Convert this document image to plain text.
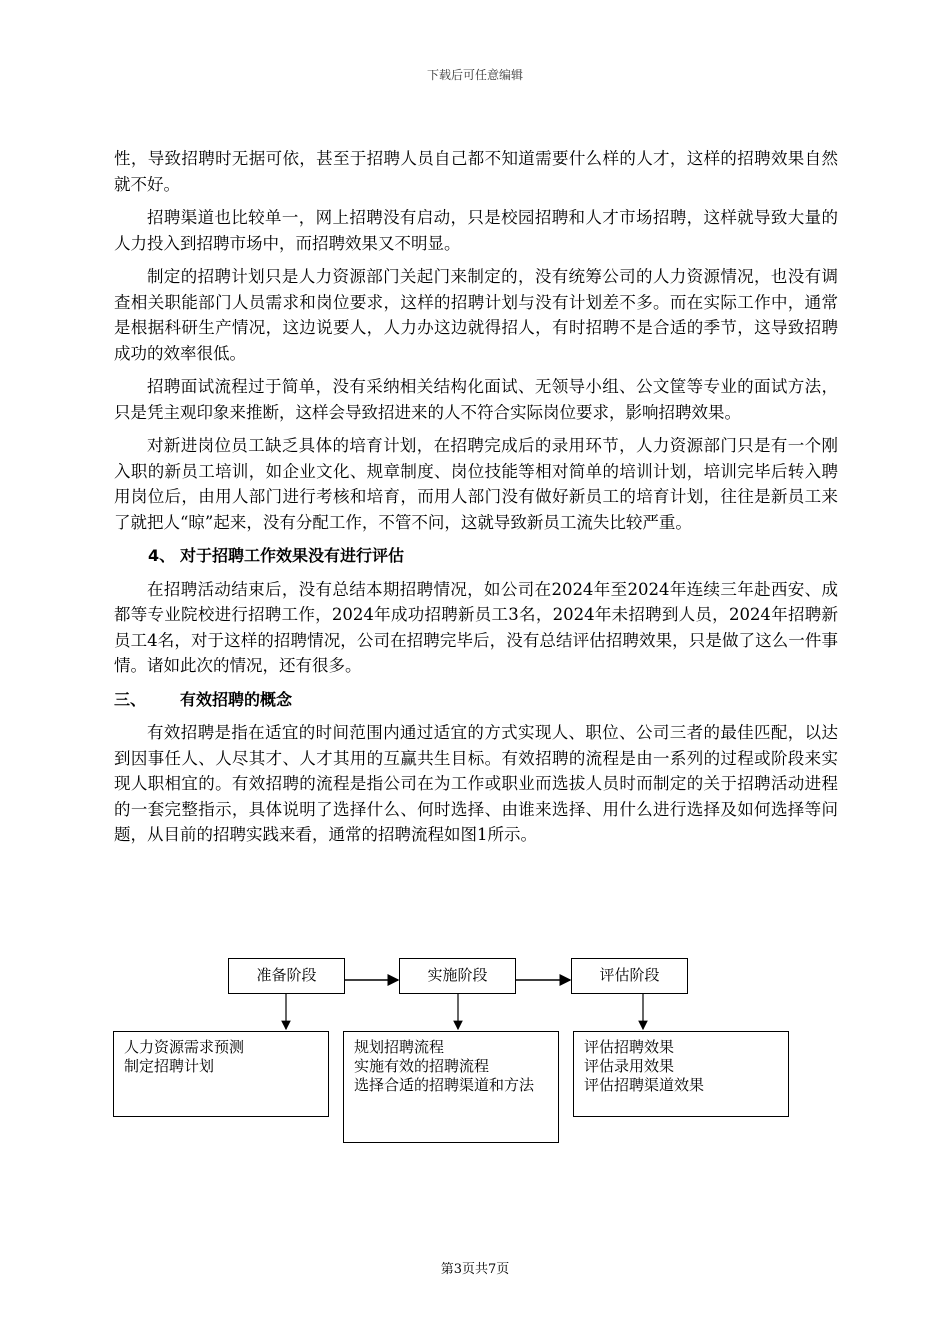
下载后可任意编辑

性，导致招聘时无据可依，甚至于招聘人员自己都不知道需要什么样的人才，这样的招聘效果自然就不好。

招聘渠道也比较单一，网上招聘没有启动，只是校园招聘和人才市场招聘，这样就导致大量的人力投入到招聘市场中，而招聘效果又不明显。

制定的招聘计划只是人力资源部门关起门来制定的，没有统筹公司的人力资源情况，也没有调查相关职能部门人员需求和岗位要求，这样的招聘计划与没有计划差不多。而在实际工作中，通常是根据科研生产情况，这边说要人，人力办这边就得招人，有时招聘不是合适的季节，这导致招聘成功的效率很低。

招聘面试流程过于简单，没有采纳相关结构化面试、无领导小组、公文筐等专业的面试方法，只是凭主观印象来推断，这样会导致招进来的人不符合实际岗位要求，影响招聘效果。

对新进岗位员工缺乏具体的培育计划，在招聘完成后的录用环节，人力资源部门只是有一个刚入职的新员工培训，如企业文化、规章制度、岗位技能等相对简单的培训计划，培训完毕后转入聘用岗位后，由用人部门进行考核和培育，而用人部门没有做好新员工的培育计划，往往是新员工来了就把人“晾”起来，没有分配工作，不管不问，这就导致新员工流失比较严重。

4、 对于招聘工作效果没有进行评估

在招聘活动结束后，没有总结本期招聘情况，如公司在2024年至2024年连续三年赴西安、成都等专业院校进行招聘工作，2024年成功招聘新员工3名，2024年未招聘到人员，2024年招聘新员工4名，对于这样的招聘情况，公司在招聘完毕后，没有总结评估招聘效果，只是做了这么一件事情。诸如此次的情况，还有很多。

三、 有效招聘的概念

有效招聘是指在适宜的时间范围内通过适宜的方式实现人、职位、公司三者的最佳匹配，以达到因事任人、人尽其才、人才其用的互赢共生目标。有效招聘的流程是由一系列的过程或阶段来实现人职相宜的。有效招聘的流程是指公司在为工作或职业而选拔人员时而制定的关于招聘活动进程的一套完整指示，具体说明了选择什么、何时选择、由谁来选择、用什么进行选择及如何选择等问题，从目前的招聘实践来看，通常的招聘流程如图1所示。

准备阶段	实施阶段	评估阶段
人力资源需求预测
制定招聘计划
规划招聘流程
实施有效的招聘流程
选择合适的招聘渠道和方法
评估招聘效果
评估录用效果
评估招聘渠道效果
第3页共7页
